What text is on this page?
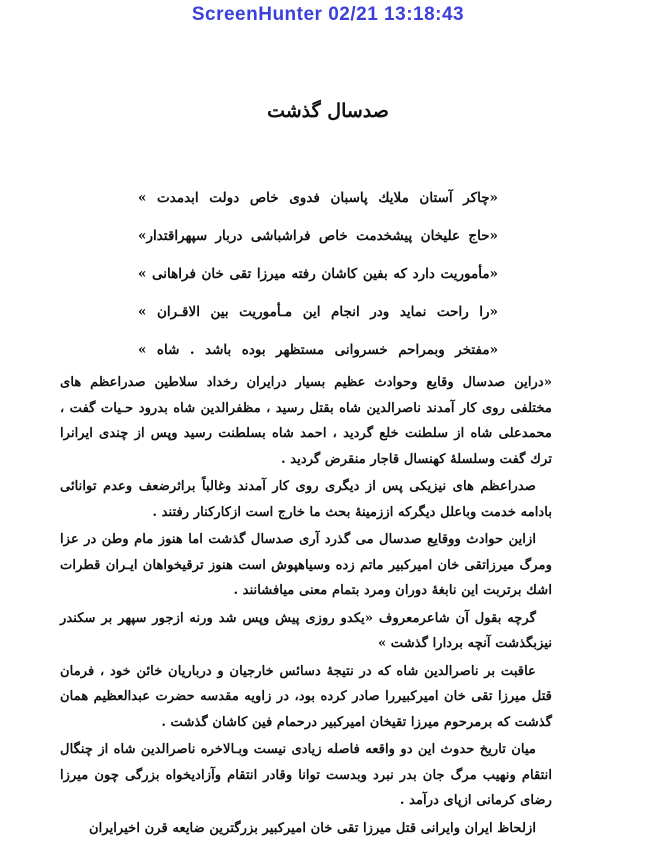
ScreenHunter 02/21 13:18:43
صدسال گذشت
«چاکر آستان ملایك پاسبان فدوی خاص دولت ابدمدت »
«حاج علیخان پیشخدمت خاص فراشباشی دربار سپهراقتدار»
«مأموریت دارد که بفین کاشان رفته میرزا تقی خان فراهانی »
«را راحت نماید ودر انجام این مـأموریت بین الاقـران »
«مفتخر وبمراحم خسروانی مستظهر بوده باشد . شاه »

«دراین صدسال وقایع وحوادث عظیم بسیار درایران رخداد سلاطین صدراعظم های مختلفی روی کار آمدند ناصرالدین شاه بقتل رسید ، مظفرالدین شاه بدرود حـیات گفت ، محمدعلی شاه از سلطنت خلع گردید ، احمد شاه بسلطنت رسید وپس از چندی ایرانرا ترك گفت وسلسلهٔ کهنسال قاجار منقرض گردید .

صدراعظم های نیزیکی پس از دیگری روی کار آمدند وغالباً براثرضعف وعدم توانائی بادامه خدمت وباعلل دیگرکه اززمینهٔ بحث ما خارج است ازکارکنار رفتند .

ازاین حوادث ووقایع صدسال می گذرد آری صدسال گذشت اما هنوز مام وطن در عزا ومرگ میرزاتقی خان امیرکبیر ماتم زده وسیاهپوش است هنوز ترقیخواهان ایـران قطرات اشك برتربت این نابغهٔ دوران ومرد بتمام معنی میافشانند .

گرچه بقول آن شاعرمعروف «یکدو روزی پیش وپس شد ورنه ازجور سپهر بر سکندر نیزبگذشت آنچه بردارا گذشت »

عاقبت بر ناصرالدین شاه که در نتیجهٔ دسائس خارجیان و درباریان خائن خود ، فرمان قتل میرزا تقی خان امیرکبیررا صادر کرده بود، در زاویه مقدسه حضرت عبدالعظیم همان گذشت که برمرحوم میرزا تقیخان امیرکبیر درحمام فین کاشان گذشت .

میان تاریخ حدوث این دو واقعه فاصله زیادی نیست وبـالاخره ناصرالدین شاه از چنگال انتقام ونهیب مرگ جان بدر نبرد وبدست توانا وقادر انتقام وآزادیخواه بزرگی چون میرزا رضای کرمانی ازپای درآمد .

ازلحاظ ایران وایرانی قتل میرزا تقی خان امیرکبیر بزرگترین ضایعه قرن اخیرایران
